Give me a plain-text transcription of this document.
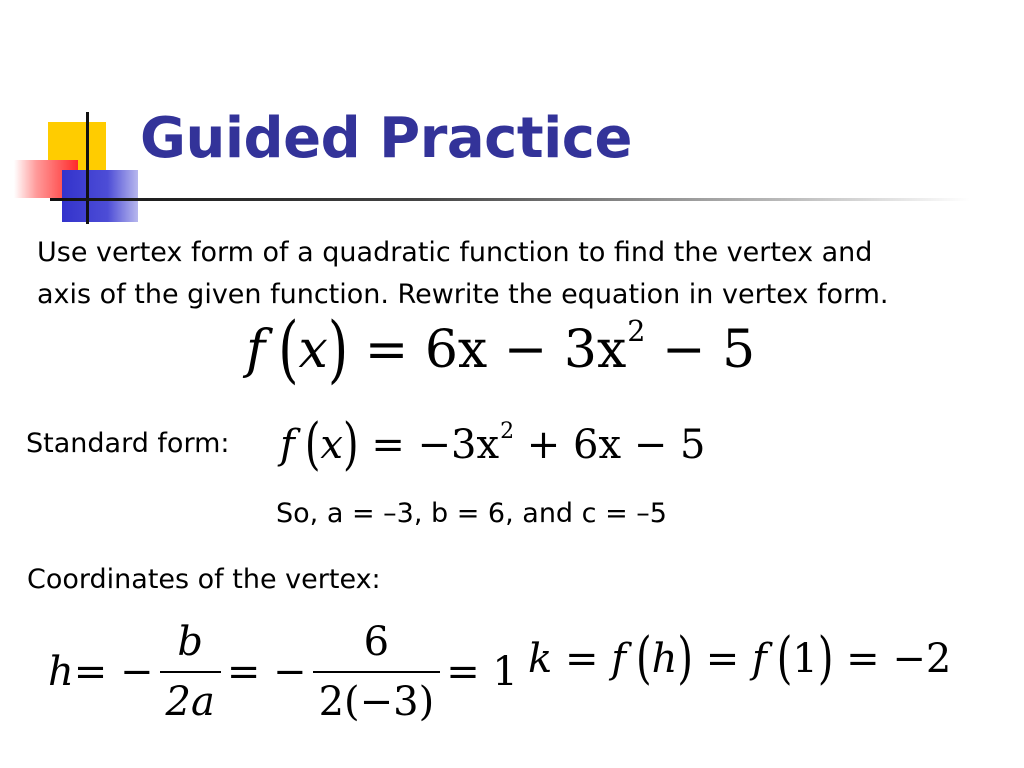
Guided Practice
Use vertex form of a quadratic function to find the vertex and
axis of the given function. Rewrite the equation in vertex form.
f $(x) = 6x - 3x^2 - 5$
Standard form: f $(x) = -3x^2 + 6x - 5$
So, a = –3, b = 6, and c = –5
Coordinates of the vertex:
h = − $\frac{b}{2a}$ = − $\frac{6}{2(-3)} = 1$ k = f (h) = f (1) = −2
